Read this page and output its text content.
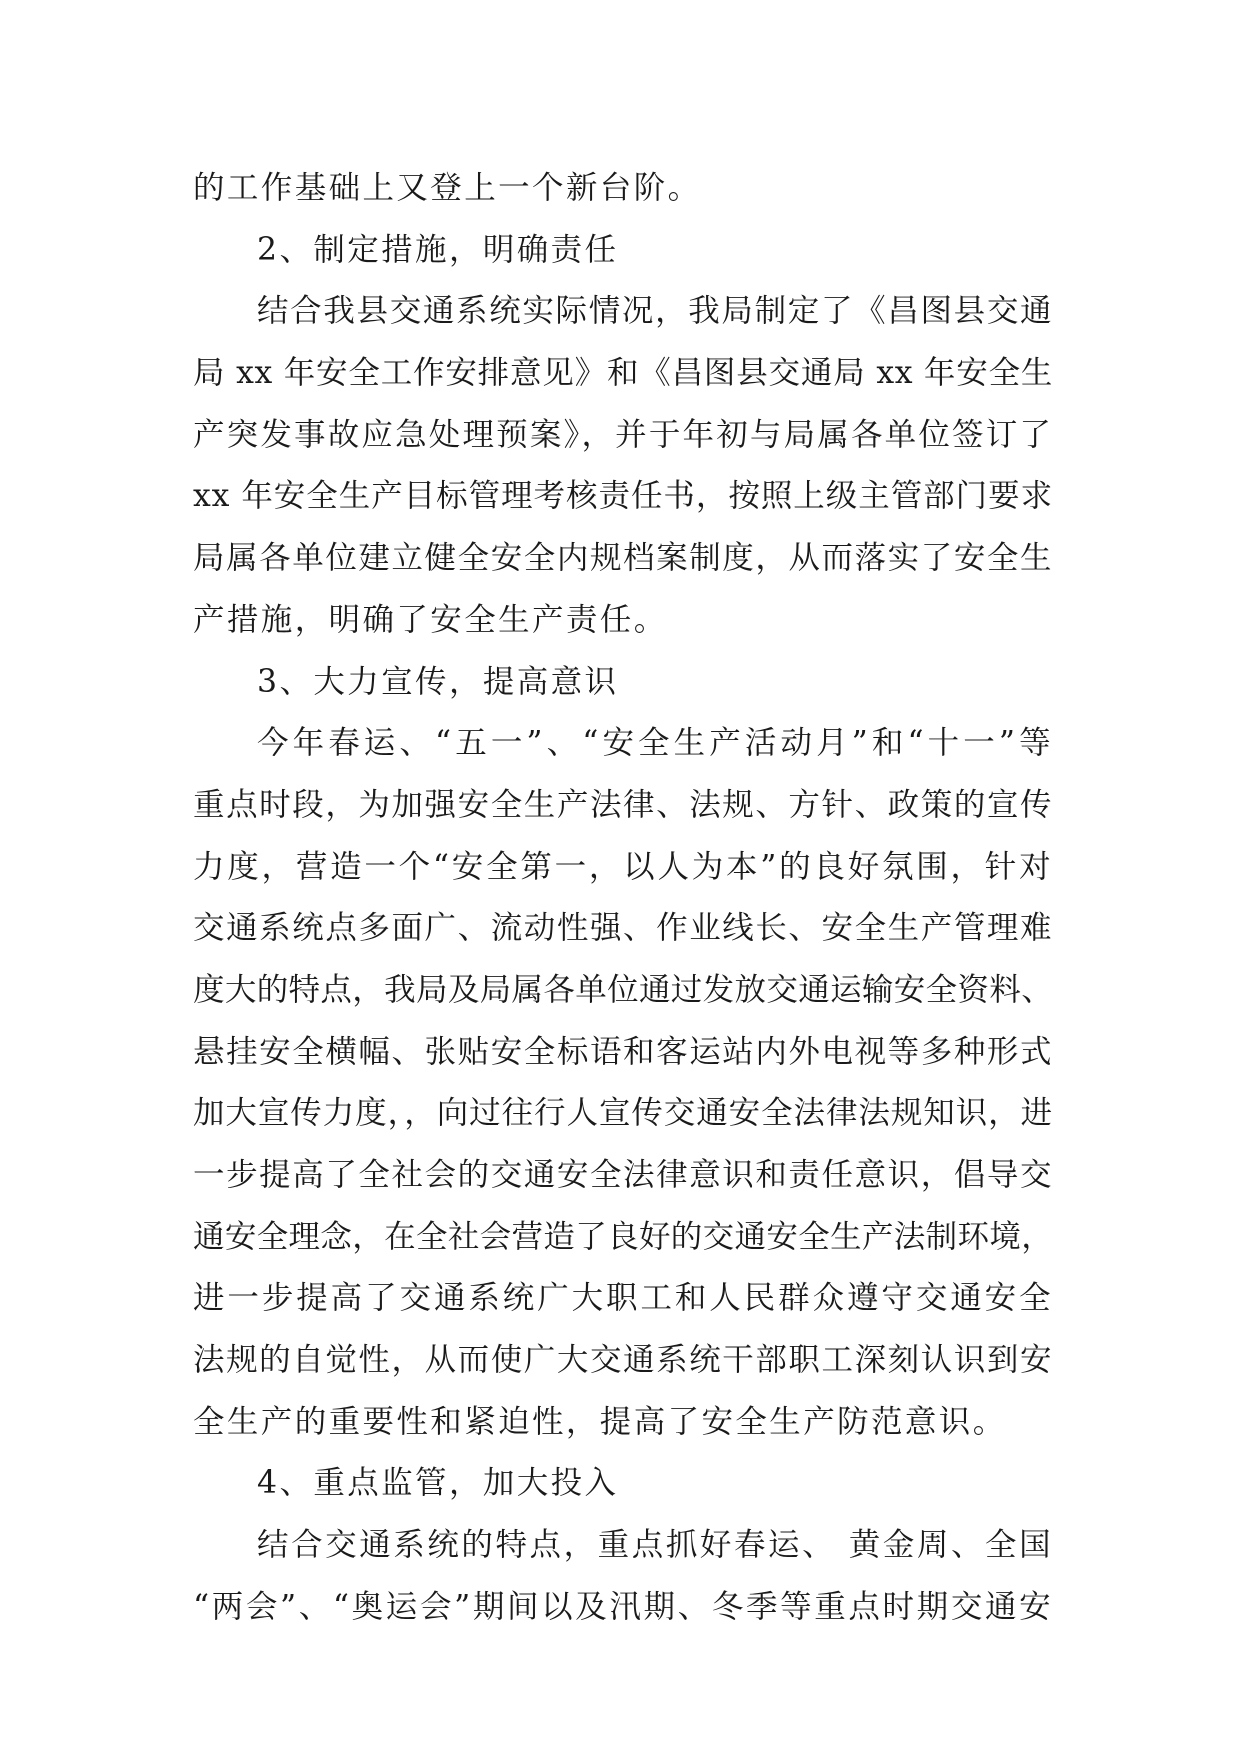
的工作基础上又登上一个新台阶。
2、制定措施，明确责任
结合我县交通系统实际情况，我局制定了《昌图县交通
局 xx 年安全工作安排意见》和《昌图县交通局 xx 年安全生
产突发事故应急处理预案》，并于年初与局属各单位签订了
xx 年安全生产目标管理考核责任书，按照上级主管部门要求
局属各单位建立健全安全内规档案制度，从而落实了安全生
产措施，明确了安全生产责任。
3、大力宣传，提高意识
今年春运、“五一”、“安全生产活动月”和“十一”等
重点时段，为加强安全生产法律、法规、方针、政策的宣传
力度，营造一个“安全第一，以人为本”的良好氛围，针对
交通系统点多面广、流动性强、作业线长、安全生产管理难
度大的特点，我局及局属各单位通过发放交通运输安全资料、
悬挂安全横幅、张贴安全标语和客运站内外电视等多种形式
加大宣传力度，，向过往行人宣传交通安全法律法规知识，进
一步提高了全社会的交通安全法律意识和责任意识，倡导交
通安全理念，在全社会营造了良好的交通安全生产法制环境，
进一步提高了交通系统广大职工和人民群众遵守交通安全
法规的自觉性，从而使广大交通系统干部职工深刻认识到安
全生产的重要性和紧迫性，提高了安全生产防范意识。
4、重点监管，加大投入
结合交通系统的特点，重点抓好春运、 黄金周、全国
“两会”、“奥运会”期间以及汛期、冬季等重点时期交通安
